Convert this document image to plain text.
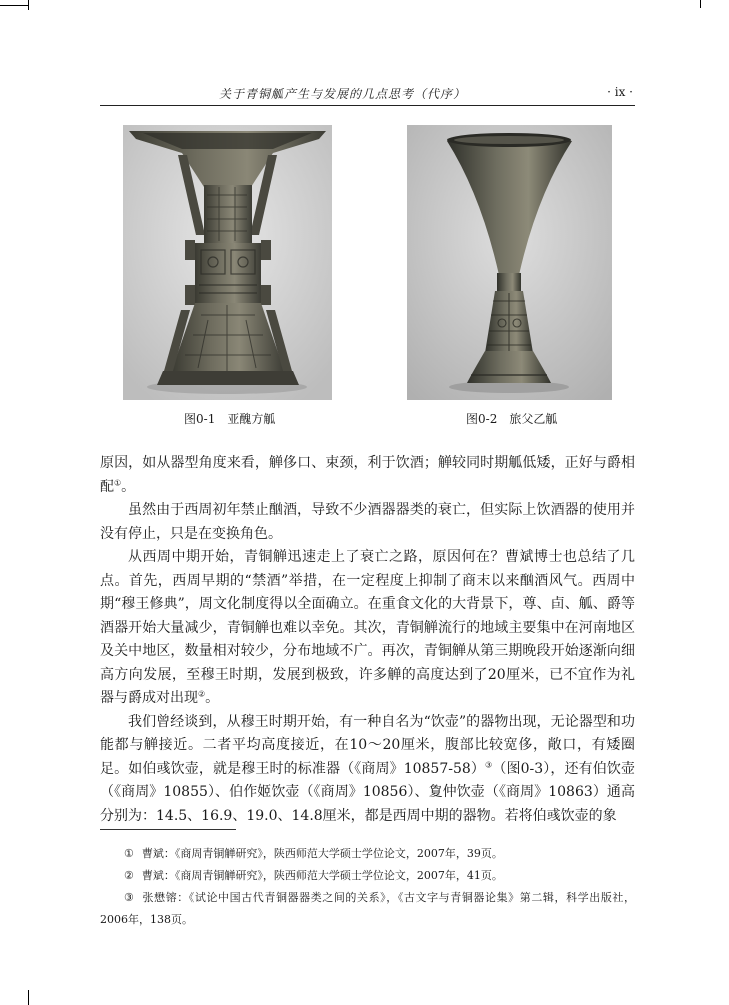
关于青铜觚产生与发展的几点思考（代序）	· ix ·
图0-1　亚醜方觚	图0-2　旅父乙觚

原因，如从器型角度来看，觯侈口、束颈，利于饮酒；觯较同时期觚低矮，正好与爵相配①。

虽然由于西周初年禁止酗酒，导致不少酒器器类的衰亡，但实际上饮酒器的使用并没有停止，只是在变换角色。

从西周中期开始，青铜觯迅速走上了衰亡之路，原因何在？曹斌博士也总结了几点。首先，西周早期的“禁酒”举措，在一定程度上抑制了商末以来酗酒风气。西周中期“穆王修典”，周文化制度得以全面确立。在重食文化的大背景下，尊、卣、觚、爵等酒器开始大量减少，青铜觯也难以幸免。其次，青铜觯流行的地域主要集中在河南地区及关中地区，数量相对较少，分布地域不广。再次，青铜觯从第三期晚段开始逐渐向细高方向发展，至穆王时期，发展到极致，许多觯的高度达到了20厘米，已不宜作为礼器与爵成对出现②。

我们曾经谈到，从穆王时期开始，有一种自名为“饮壶”的器物出现，无论器型和功能都与觯接近。二者平均高度接近，在10～20厘米，腹部比较宽侈，敞口，有矮圈足。如伯彧饮壶，就是穆王时的标准器（《商周》10857-58）③（图0-3），还有伯饮壶（《商周》10855）、伯作姬饮壶（《商周》10856）、夐仲饮壶（《商周》10863）通高分别为：14.5、16.9、19.0、14.8厘米，都是西周中期的器物。若将伯彧饮壶的象

① 曹斌：《商周青铜觯研究》，陕西师范大学硕士学位论文，2007年，39页。

② 曹斌：《商周青铜觯研究》，陕西师范大学硕士学位论文，2007年，41页。

③ 张懋镕：《试论中国古代青铜器器类之间的关系》，《古文字与青铜器论集》第二辑，科学出版社，2006年，138页。
